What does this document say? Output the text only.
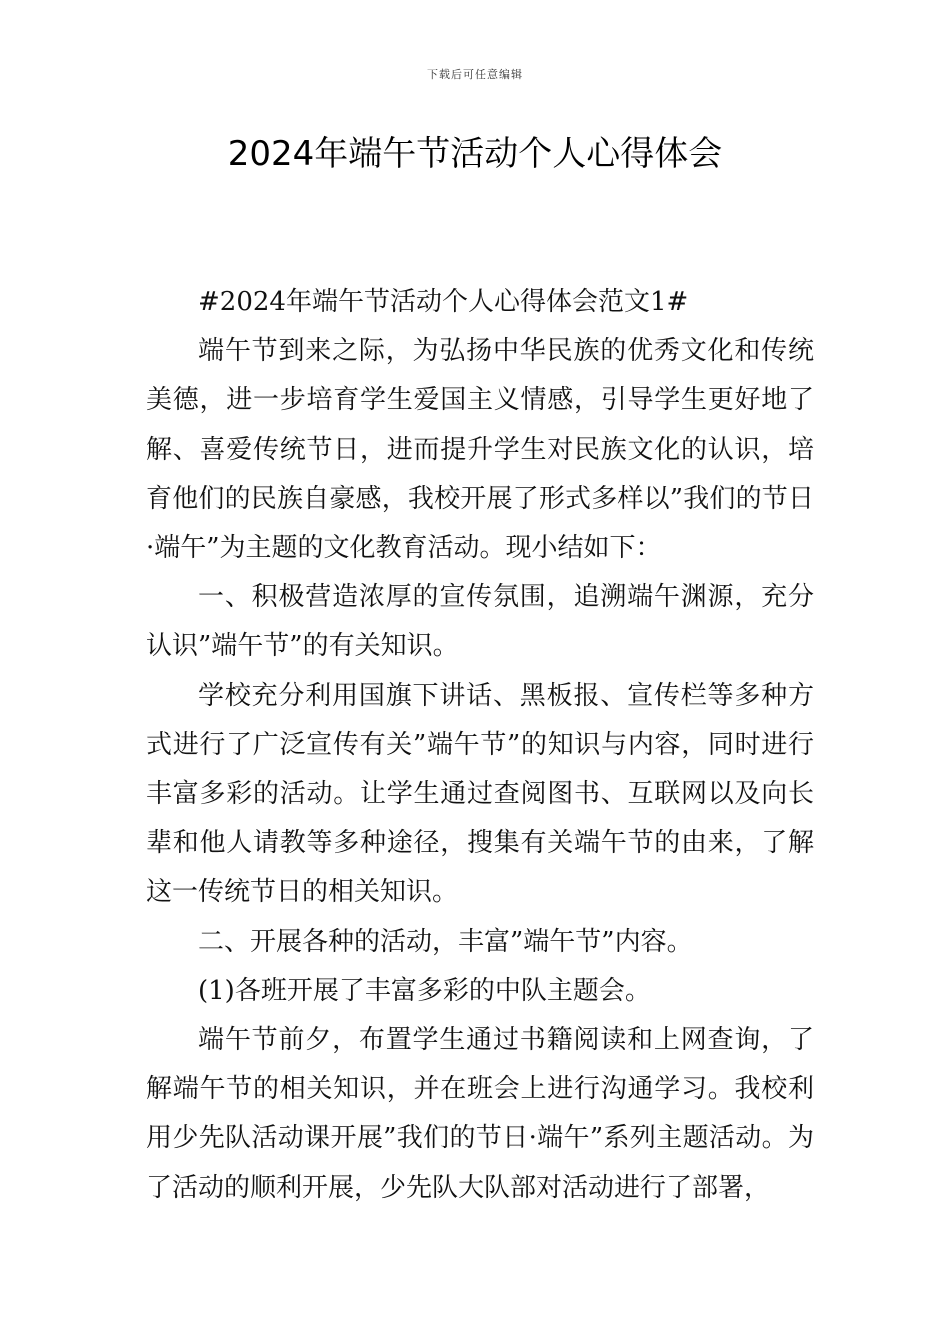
下载后可任意编辑
2024年端午节活动个人心得体会

#2024年端午节活动个人心得体会范文1#

端午节到来之际，为弘扬中华民族的优秀文化和传统美德，进一步培育学生爱国主义情感，引导学生更好地了解、喜爱传统节日，进而提升学生对民族文化的认识，培育他们的民族自豪感，我校开展了形式多样以”我们的节日·端午”为主题的文化教育活动。现小结如下：

一、积极营造浓厚的宣传氛围，追溯端午渊源，充分认识”端午节”的有关知识。

学校充分利用国旗下讲话、黑板报、宣传栏等多种方式进行了广泛宣传有关”端午节”的知识与内容，同时进行丰富多彩的活动。让学生通过查阅图书、互联网以及向长辈和他人请教等多种途径，搜集有关端午节的由来，了解这一传统节日的相关知识。

二、开展各种的活动，丰富”端午节”内容。

(1)各班开展了丰富多彩的中队主题会。

端午节前夕，布置学生通过书籍阅读和上网查询，了解端午节的相关知识，并在班会上进行沟通学习。我校利用少先队活动课开展”我们的节日·端午”系列主题活动。为了活动的顺利开展，少先队大队部对活动进行了部署，
